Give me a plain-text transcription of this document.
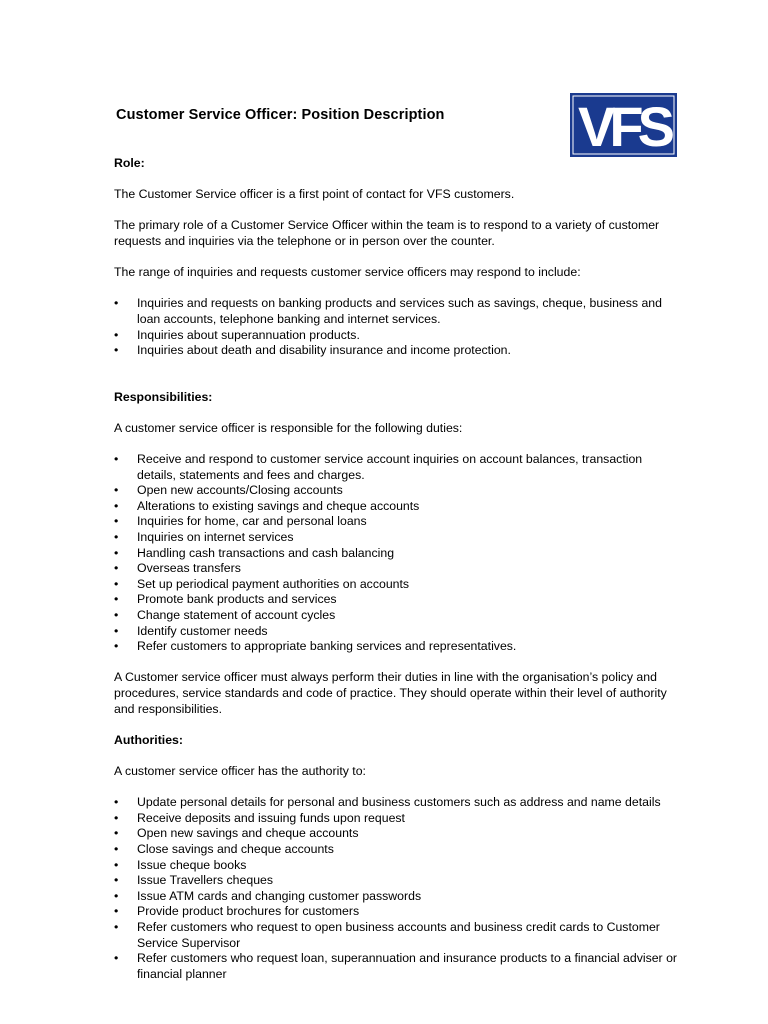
Customer Service Officer: Position Description VFS

Role:

The Customer Service officer is a first point of contact for VFS customers.

The primary role of a Customer Service Officer within the team is to respond to a variety of customer requests and inquiries via the telephone or in person over the counter.

The range of inquiries and requests customer service officers may respond to include:

•	Inquiries and requests on banking products and services such as savings, cheque, business and loan accounts, telephone banking and internet services.
•	Inquiries about superannuation products.
•	Inquiries about death and disability insurance and income protection.

Responsibilities:

A customer service officer is responsible for the following duties:

•	Receive and respond to customer service account inquiries on account balances, transaction details, statements and fees and charges.
•	Open new accounts/Closing accounts
•	Alterations to existing savings and cheque accounts
•	Inquiries for home, car and personal loans
•	Inquiries on internet services
•	Handling cash transactions and cash balancing
•	Overseas transfers
•	Set up periodical payment authorities on accounts
•	Promote bank products and services
•	Change statement of account cycles
•	Identify customer needs
•	Refer customers to appropriate banking services and representatives.

A Customer service officer must always perform their duties in line with the organisation’s policy and procedures, service standards and code of practice. They should operate within their level of authority and responsibilities.

Authorities:

A customer service officer has the authority to:

•	Update personal details for personal and business customers such as address and name details
•	Receive deposits and issuing funds upon request
•	Open new savings and cheque accounts
•	Close savings and cheque accounts
•	Issue cheque books
•	Issue Travellers cheques
•	Issue ATM cards and changing customer passwords
•	Provide product brochures for customers
•	Refer customers who request to open business accounts and business credit cards to Customer Service Supervisor
•	Refer customers who request loan, superannuation and insurance products to a financial adviser or financial planner
